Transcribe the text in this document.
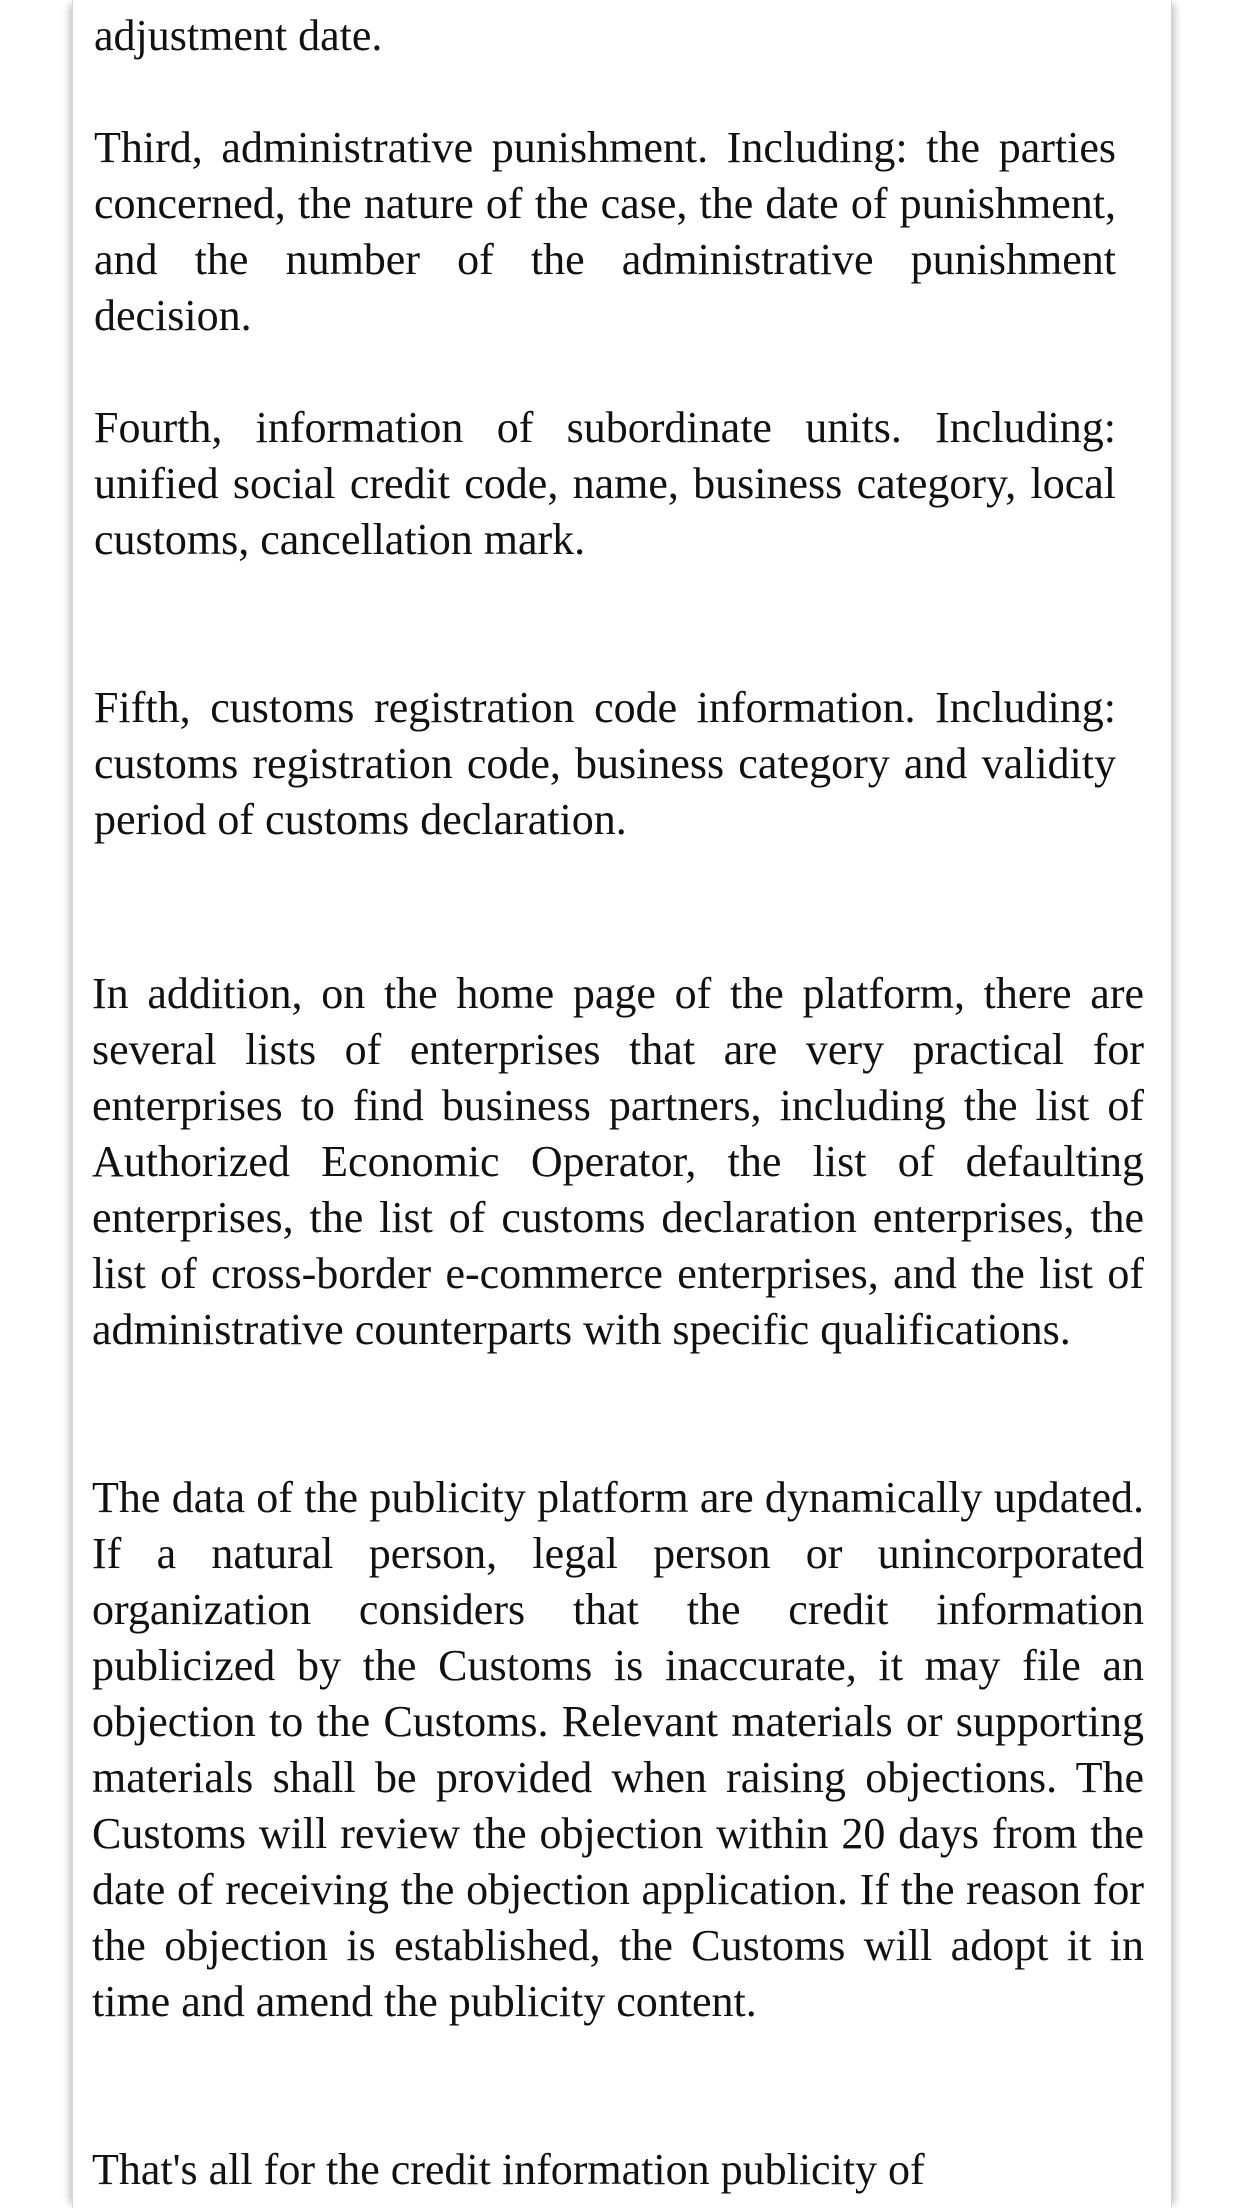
adjustment date.

Third, administrative punishment. Including: the parties concerned, the nature of the case, the date of punishment, and the number of the administrative punishment decision.

Fourth, information of subordinate units. Including: unified social credit code, name, business category, local customs, cancellation mark.

Fifth, customs registration code information. Including: customs registration code, business category and validity period of customs declaration.

In addition, on the home page of the platform, there are several lists of enterprises that are very practical for enterprises to find business partners, including the list of Authorized Economic Operator, the list of defaulting enterprises, the list of customs declaration enterprises, the list of cross-border e-commerce enterprises, and the list of administrative counterparts with specific qualifications.

The data of the publicity platform are dynamically updated. If a natural person, legal person or unincorporated organization considers that the credit information publicized by the Customs is inaccurate, it may file an objection to the Customs. Relevant materials or supporting materials shall be provided when raising objections. The Customs will review the objection within 20 days from the date of receiving the objection application. If the reason for the objection is established, the Customs will adopt it in time and amend the publicity content.

That's all for the credit information publicity of
